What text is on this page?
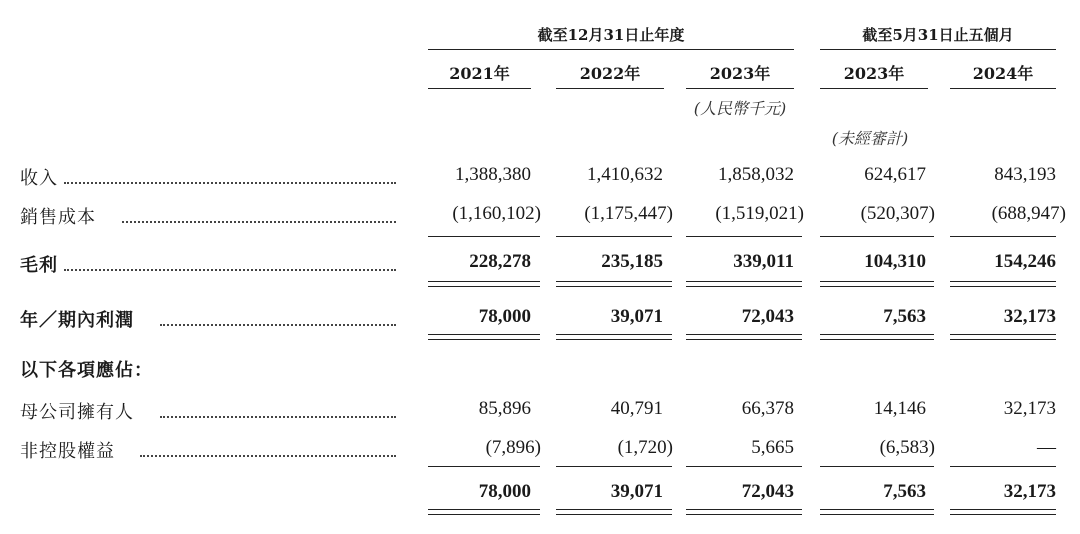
截至12月31日止年度	截至5月31日止五個月
2021年	2022年	2023年	2023年	2024年
(人民幣千元)
(未經審計)
收入	1,388,380	1,410,632	1,858,032	624,617	843,193
銷售成本	(1,160,102)	(1,175,447)	(1,519,021)	(520,307)	(688,947)
毛利	228,278	235,185	339,011	104,310	154,246
年／期內利潤	78,000	39,071	72,043	7,563	32,173
以下各項應佔：
母公司擁有人	85,896	40,791	66,378	14,146	32,173
非控股權益	(7,896)	(1,720)	5,665	(6,583)	—
78,000	39,071	72,043	7,563	32,173
